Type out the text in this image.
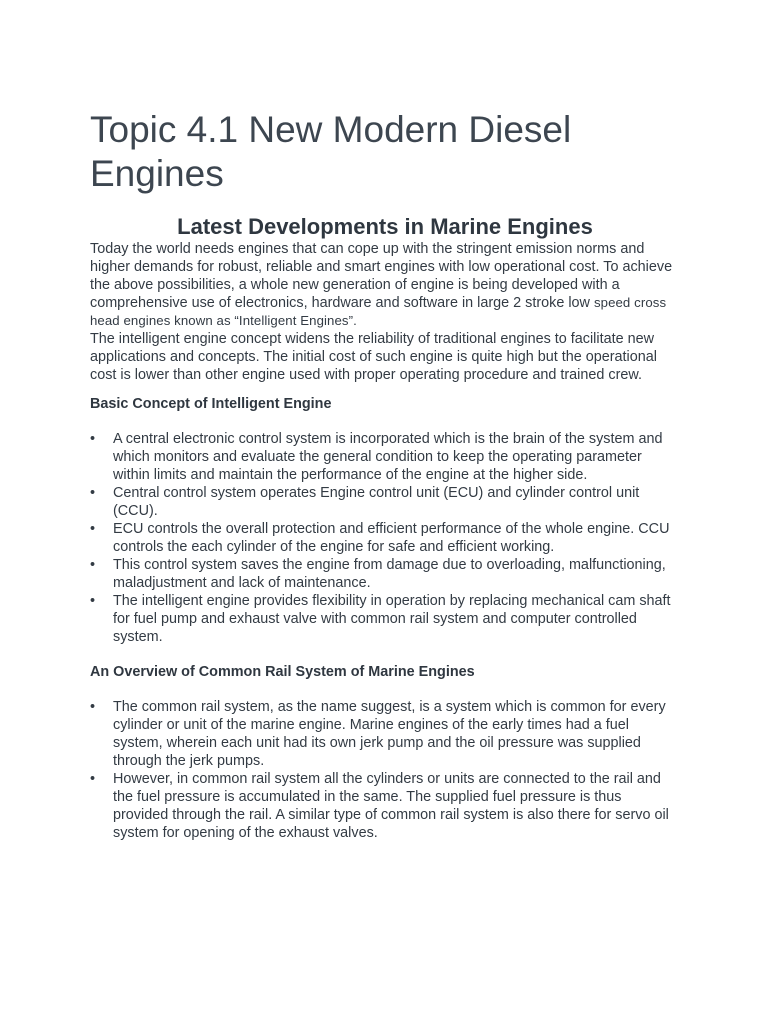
Topic 4.1 New Modern Diesel Engines
Latest Developments in Marine Engines

Today the world needs engines that can cope up with the stringent emission norms and higher demands for robust, reliable and smart engines with low operational cost. To achieve the above possibilities, a whole new generation of engine is being developed with a comprehensive use of electronics, hardware and software in large 2 stroke low speed cross head engines known as “Intelligent Engines”.

The intelligent engine concept widens the reliability of traditional engines to facilitate new applications and concepts. The initial cost of such engine is quite high but the operational cost is lower than other engine used with proper operating procedure and trained crew.

Basic Concept of Intelligent Engine
•	A central electronic control system is incorporated which is the brain of the system and which monitors and evaluate the general condition to keep the operating parameter within limits and maintain the performance of the engine at the higher side.
•	Central control system operates Engine control unit (ECU) and cylinder control unit (CCU).
•	ECU controls the overall protection and efficient performance of the whole engine. CCU controls the each cylinder of the engine for safe and efficient working.
•	This control system saves the engine from damage due to overloading, malfunctioning, maladjustment and lack of maintenance.
•	The intelligent engine provides flexibility in operation by replacing mechanical cam shaft for fuel pump and exhaust valve with common rail system and computer controlled system.
An Overview of Common Rail System of Marine Engines
•	The common rail system, as the name suggest, is a system which is common for every cylinder or unit of the marine engine. Marine engines of the early times had a fuel system, wherein each unit had its own jerk pump and the oil pressure was supplied through the jerk pumps.
•	However, in common rail system all the cylinders or units are connected to the rail and the fuel pressure is accumulated in the same. The supplied fuel pressure is thus provided through the rail. A similar type of common rail system is also there for servo oil system for opening of the exhaust valves.
